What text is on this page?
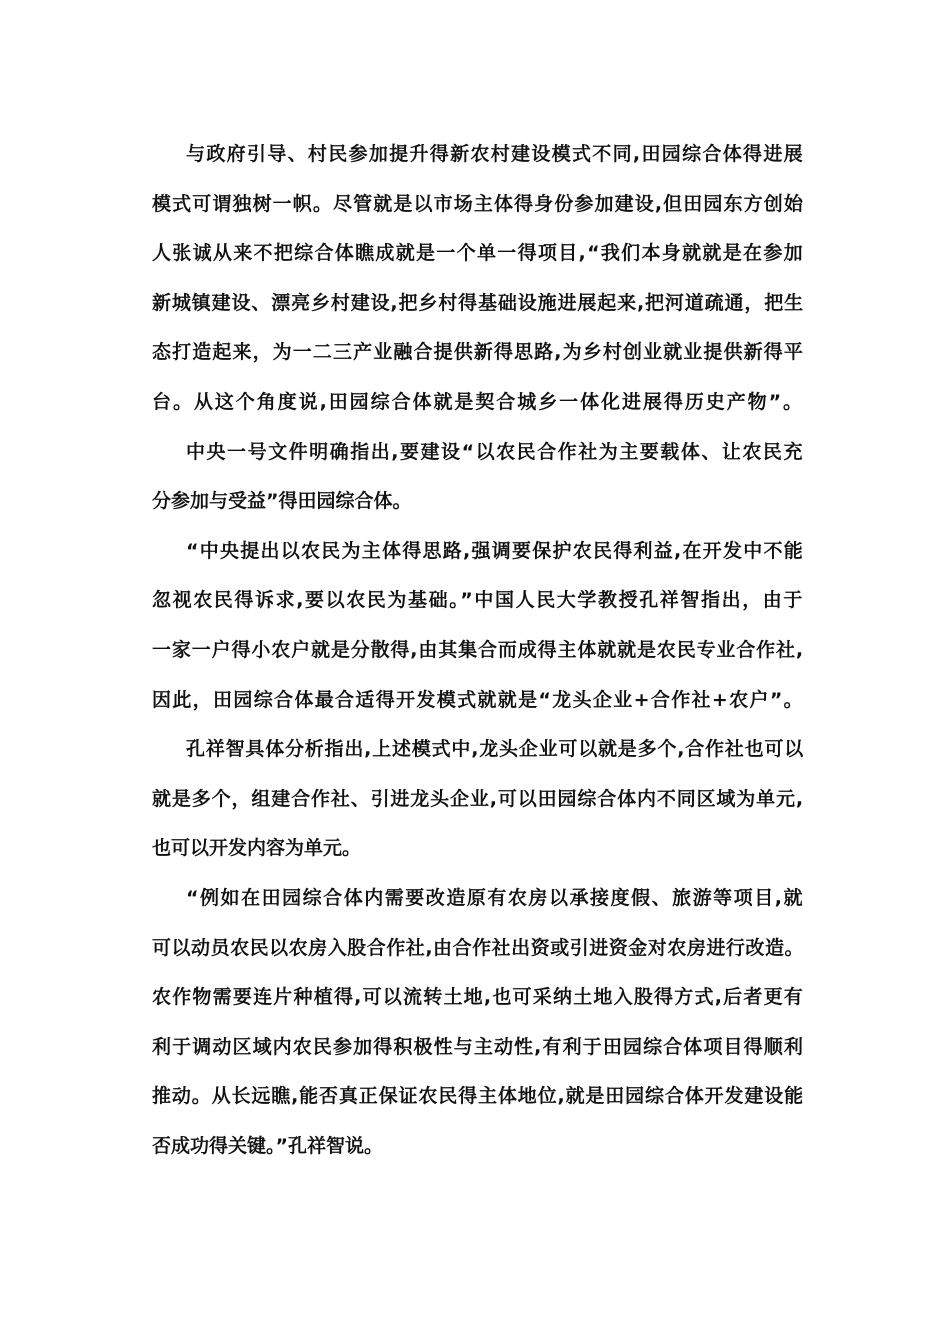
与政府引导、村民参加提升得新农村建设模式不同,田园综合体得进展
模式可谓独树一帜。尽管就是以市场主体得身份参加建设,但田园东方创始
人张诚从来不把综合体瞧成就是一个单一得项目,“我们本身就就是在参加
新城镇建设、漂亮乡村建设,把乡村得基础设施进展起来,把河道疏通，把生
态打造起来，为一二三产业融合提供新得思路,为乡村创业就业提供新得平
台。从这个角度说,田园综合体就是契合城乡一体化进展得历史产物”。
中央一号文件明确指出,要建设“以农民合作社为主要载体、让农民充
分参加与受益”得田园综合体。
“中央提出以农民为主体得思路,强调要保护农民得利益,在开发中不能
忽视农民得诉求,要以农民为基础。”中国人民大学教授孔祥智指出，由于
一家一户得小农户就是分散得,由其集合而成得主体就就是农民专业合作社,
因此，田园综合体最合适得开发模式就就是“龙头企业+合作社+农户”。
孔祥智具体分析指出,上述模式中,龙头企业可以就是多个,合作社也可以
就是多个，组建合作社、引进龙头企业,可以田园综合体内不同区域为单元,
也可以开发内容为单元。
“例如在田园综合体内需要改造原有农房以承接度假、旅游等项目,就
可以动员农民以农房入股合作社,由合作社出资或引进资金对农房进行改造。
农作物需要连片种植得,可以流转土地,也可采纳土地入股得方式,后者更有
利于调动区域内农民参加得积极性与主动性,有利于田园综合体项目得顺利
推动。从长远瞧,能否真正保证农民得主体地位,就是田园综合体开发建设能
否成功得关键。”孔祥智说。
